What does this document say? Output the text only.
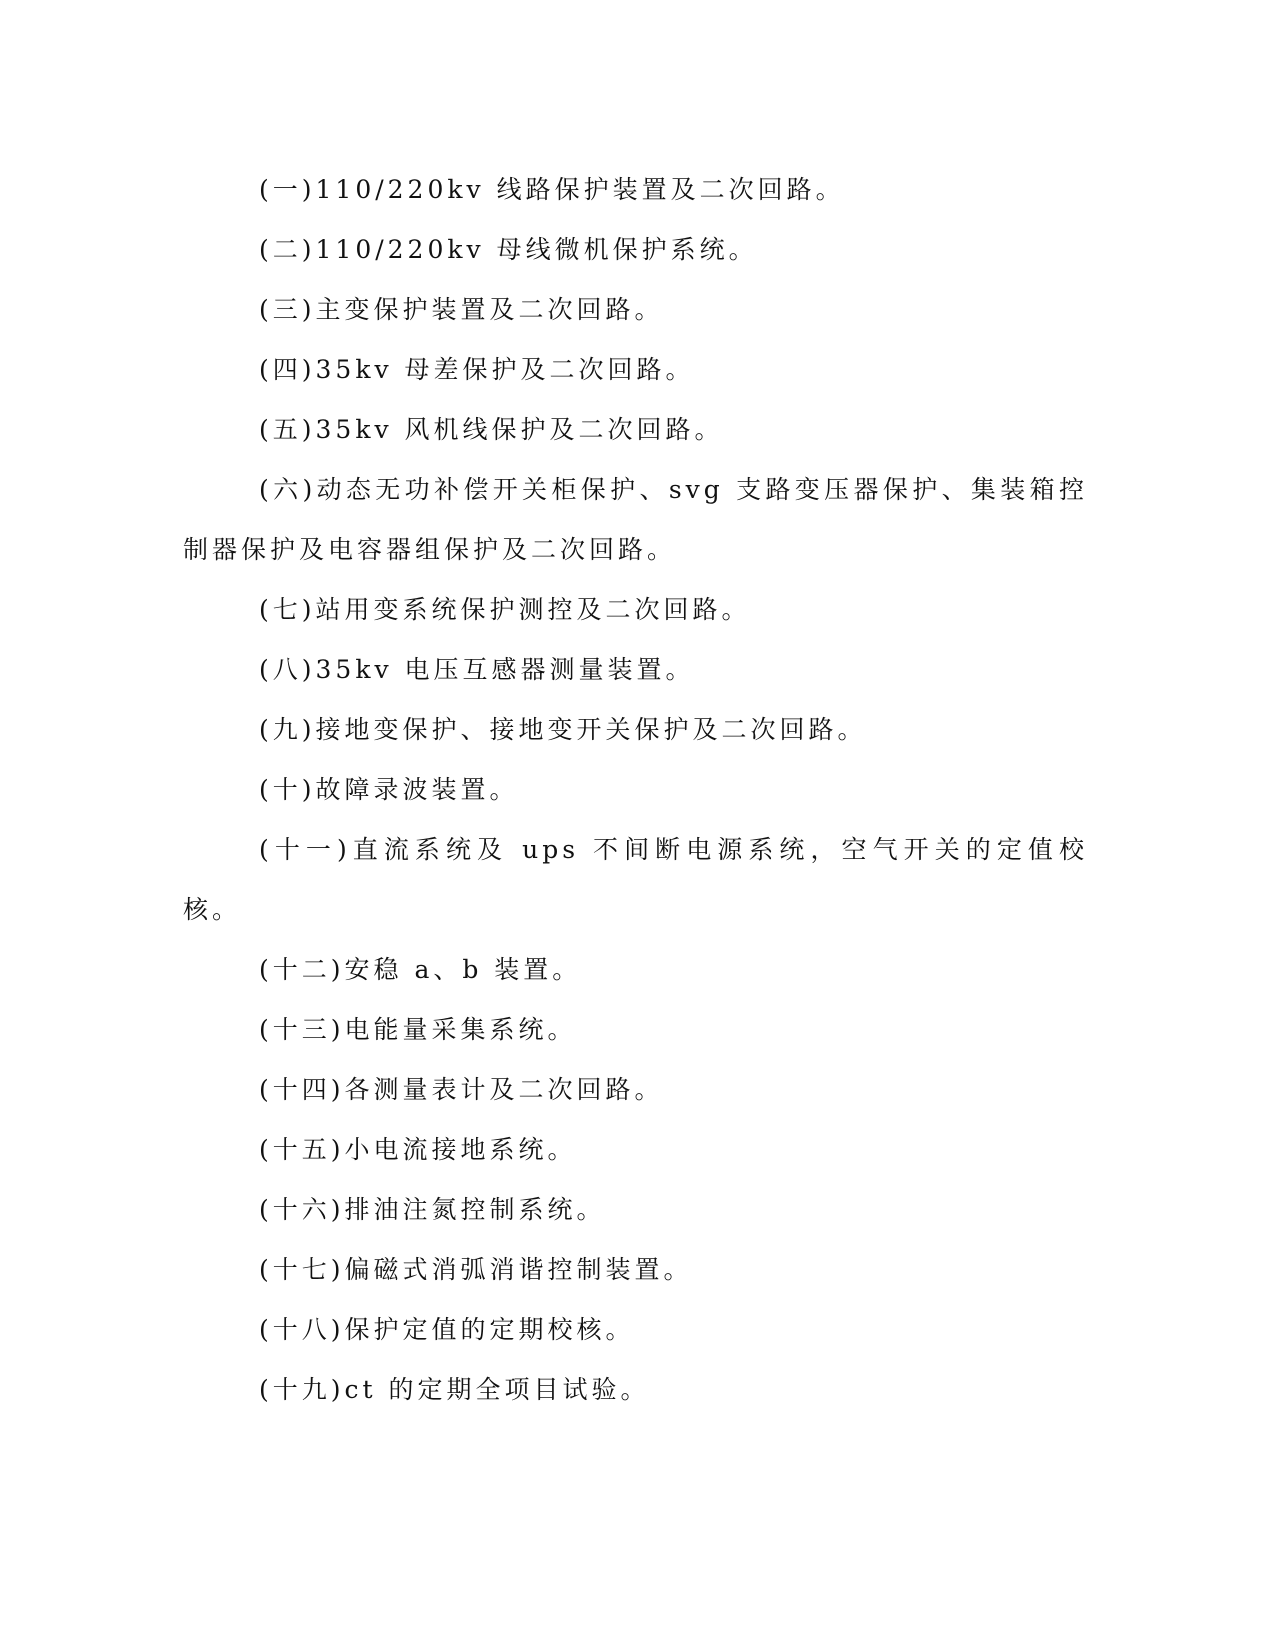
(一)110/220kv 线路保护装置及二次回路。

(二)110/220kv 母线微机保护系统。

(三)主变保护装置及二次回路。

(四)35kv 母差保护及二次回路。

(五)35kv 风机线保护及二次回路。

(六)动态无功补偿开关柜保护、svg 支路变压器保护、集装箱控制器保护及电容器组保护及二次回路。

(七)站用变系统保护测控及二次回路。

(八)35kv 电压互感器测量装置。

(九)接地变保护、接地变开关保护及二次回路。

(十)故障录波装置。

(十一)直流系统及 ups 不间断电源系统，空气开关的定值校核。

(十二)安稳 a、b 装置。

(十三)电能量采集系统。

(十四)各测量表计及二次回路。

(十五)小电流接地系统。

(十六)排油注氮控制系统。

(十七)偏磁式消弧消谐控制装置。

(十八)保护定值的定期校核。

(十九)ct 的定期全项目试验。
